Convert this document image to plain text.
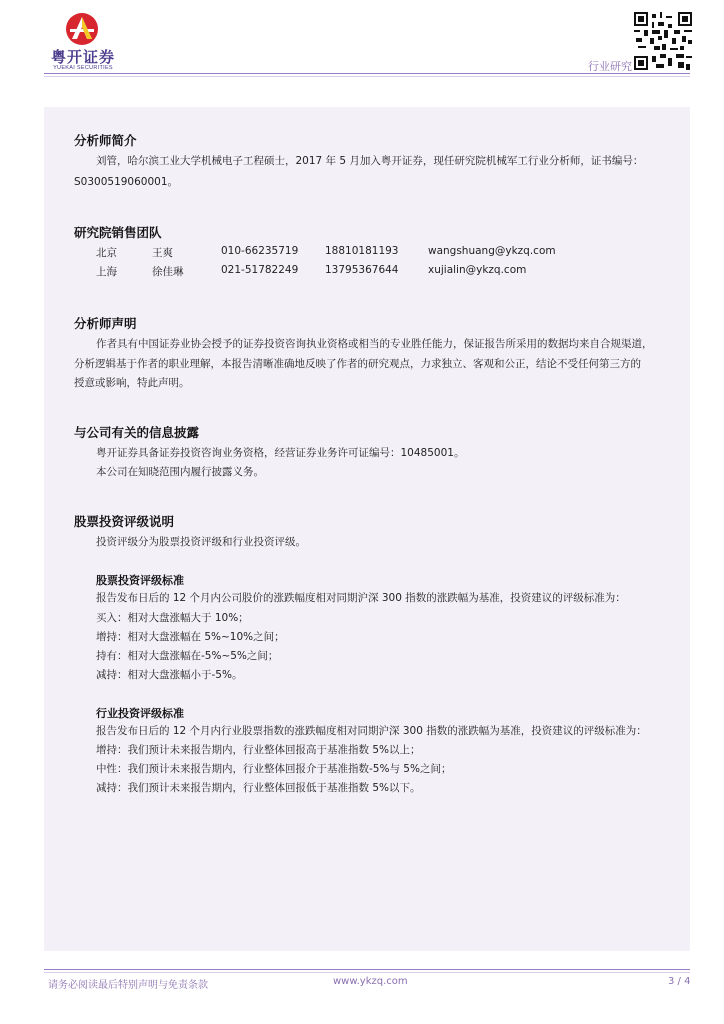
粤开证券
YUEKAI SECURITIES	行业研究
分析师简介
刘管，哈尔滨工业大学机械电子工程硕士，2017 年 5 月加入粤开证券，现任研究院机械军工行业分析师，证书编号：
S0300519060001。
研究院销售团队
北京	王爽	010-66235719	18810181193	wangshuang@ykzq.com
上海	徐佳琳	021-51782249	13795367644	xujialin@ykzq.com
分析师声明
作者具有中国证券业协会授予的证券投资咨询执业资格或相当的专业胜任能力，保证报告所采用的数据均来自合规渠道，
分析逻辑基于作者的职业理解，本报告清晰准确地反映了作者的研究观点，力求独立、客观和公正，结论不受任何第三方的
授意或影响，特此声明。
与公司有关的信息披露
粤开证券具备证券投资咨询业务资格，经营证券业务许可证编号：10485001。
本公司在知晓范围内履行披露义务。
股票投资评级说明
投资评级分为股票投资评级和行业投资评级。
股票投资评级标准
报告发布日后的 12 个月内公司股价的涨跌幅度相对同期沪深 300 指数的涨跌幅为基准，投资建议的评级标准为：
买入：相对大盘涨幅大于 10%；
增持：相对大盘涨幅在 5%~10%之间；
持有：相对大盘涨幅在-5%~5%之间；
减持：相对大盘涨幅小于-5%。
行业投资评级标准
报告发布日后的 12 个月内行业股票指数的涨跌幅度相对同期沪深 300 指数的涨跌幅为基准，投资建议的评级标准为：
增持：我们预计未来报告期内，行业整体回报高于基准指数 5%以上；
中性：我们预计未来报告期内，行业整体回报介于基准指数-5%与 5%之间；
减持：我们预计未来报告期内，行业整体回报低于基准指数 5%以下。
请务必阅读最后特别声明与免责条款	www.ykzq.com	3 / 4
